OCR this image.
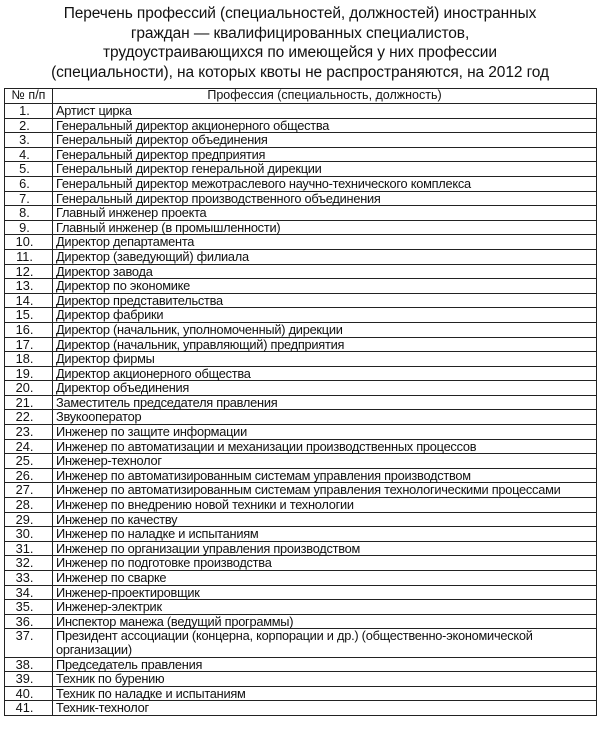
Перечень профессий (специальностей, должностей) иностранных
граждан — квалифицированных специалистов,
трудоустраивающихся по имеющейся у них профессии
(специальности), на которых квоты не распространяются, на 2012 год
№ п/п	Профессия (специальность, должность)
1.	Артист цирка
2.	Генеральный директор акционерного общества
3.	Генеральный директор объединения
4.	Генеральный директор предприятия
5.	Генеральный директор генеральной дирекции
6.	Генеральный директор межотраслевого научно-технического комплекса
7.	Генеральный директор производственного объединения
8.	Главный инженер проекта
9.	Главный инженер (в промышленности)
10.	Директор департамента
11.	Директор (заведующий) филиала
12.	Директор завода
13.	Директор по экономике
14.	Директор представительства
15.	Директор фабрики
16.	Директор (начальник, уполномоченный) дирекции
17.	Директор (начальник, управляющий) предприятия
18.	Директор фирмы
19.	Директор акционерного общества
20.	Директор объединения
21.	Заместитель председателя правления
22.	Звукооператор
23.	Инженер по защите информации
24.	Инженер по автоматизации и механизации производственных процессов
25.	Инженер-технолог
26.	Инженер по автоматизированным системам управления производством
27.	Инженер по автоматизированным системам управления технологическими процессами
28.	Инженер по внедрению новой техники и технологии
29.	Инженер по качеству
30.	Инженер по наладке и испытаниям
31.	Инженер по организации управления производством
32.	Инженер по подготовке производства
33.	Инженер по сварке
34.	Инженер-проектировщик
35.	Инженер-электрик
36.	Инспектор манежа (ведущий программы)
37.	Президент ассоциации (концерна, корпорации и др.) (общественно-экономической организации)
38.	Председатель правления
39.	Техник по бурению
40.	Техник по наладке и испытаниям
41.	Техник-технолог
